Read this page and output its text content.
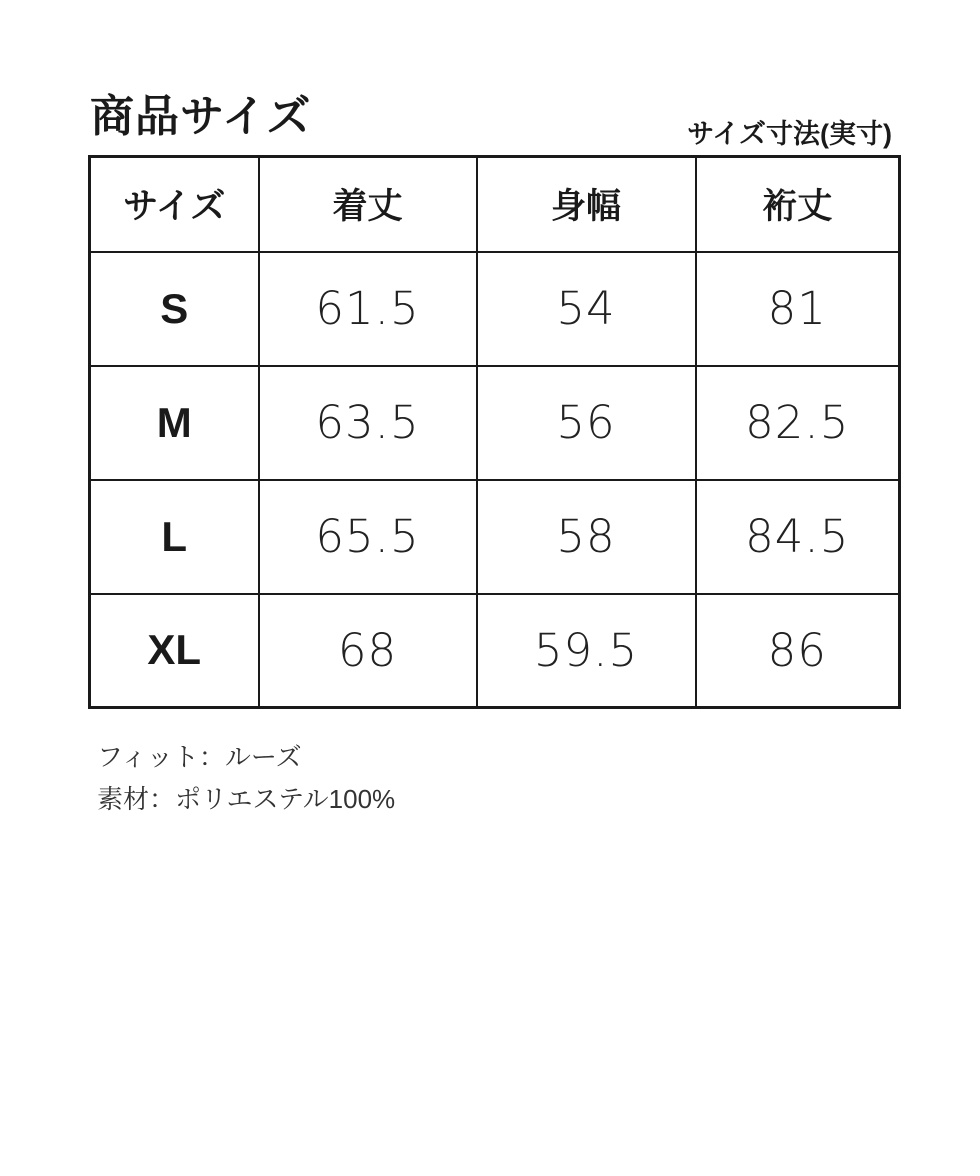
商品サイズ	サイズ寸法(実寸)
サイズ	着丈	身幅	裄丈
S	61.5	54	81
M	63.5	56	82.5
L	65.5	58	84.5
XL	68	59.5	86

フィット：ルーズ

素材：ポリエステル100%
